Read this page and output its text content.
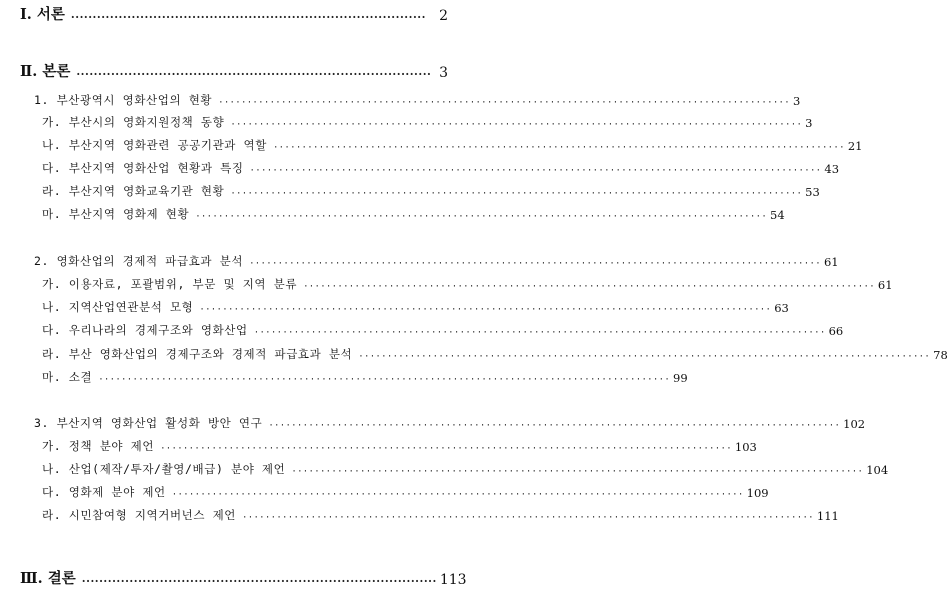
Ⅰ. 서론 ·················································································· 2
Ⅱ. 본론 ·················································································· 3
1. 부산광역시 영화산업의 현황 ···································································································· 3
가. 부산시의 영화지원정책 동향 ···································································································· 3
나. 부산지역 영화관련 공공기관과 역할 ···································································································· 21
다. 부산지역 영화산업 현황과 특징 ···································································································· 43
라. 부산지역 영화교육기관 현황 ···································································································· 53
마. 부산지역 영화제 현황 ···································································································· 54
2. 영화산업의 경제적 파급효과 분석 ···································································································· 61
가. 이용자료, 포괄범위, 부문 및 지역 분류 ···································································································· 61
나. 지역산업연관분석 모형 ···································································································· 63
다. 우리나라의 경제구조와 영화산업 ···································································································· 66
라. 부산 영화산업의 경제구조와 경제적 파급효과 분석 ···································································································· 78
마. 소결 ···································································································· 99
3. 부산지역 영화산업 활성화 방안 연구 ···································································································· 102
가. 정책 분야 제언 ···································································································· 103
나. 산업(제작/투자/촬영/배급) 분야 제언 ···································································································· 104
다. 영화제 분야 제언 ···································································································· 109
라. 시민참여형 지역거버넌스 제언 ···································································································· 111
Ⅲ. 결론 ·················································································· 113
